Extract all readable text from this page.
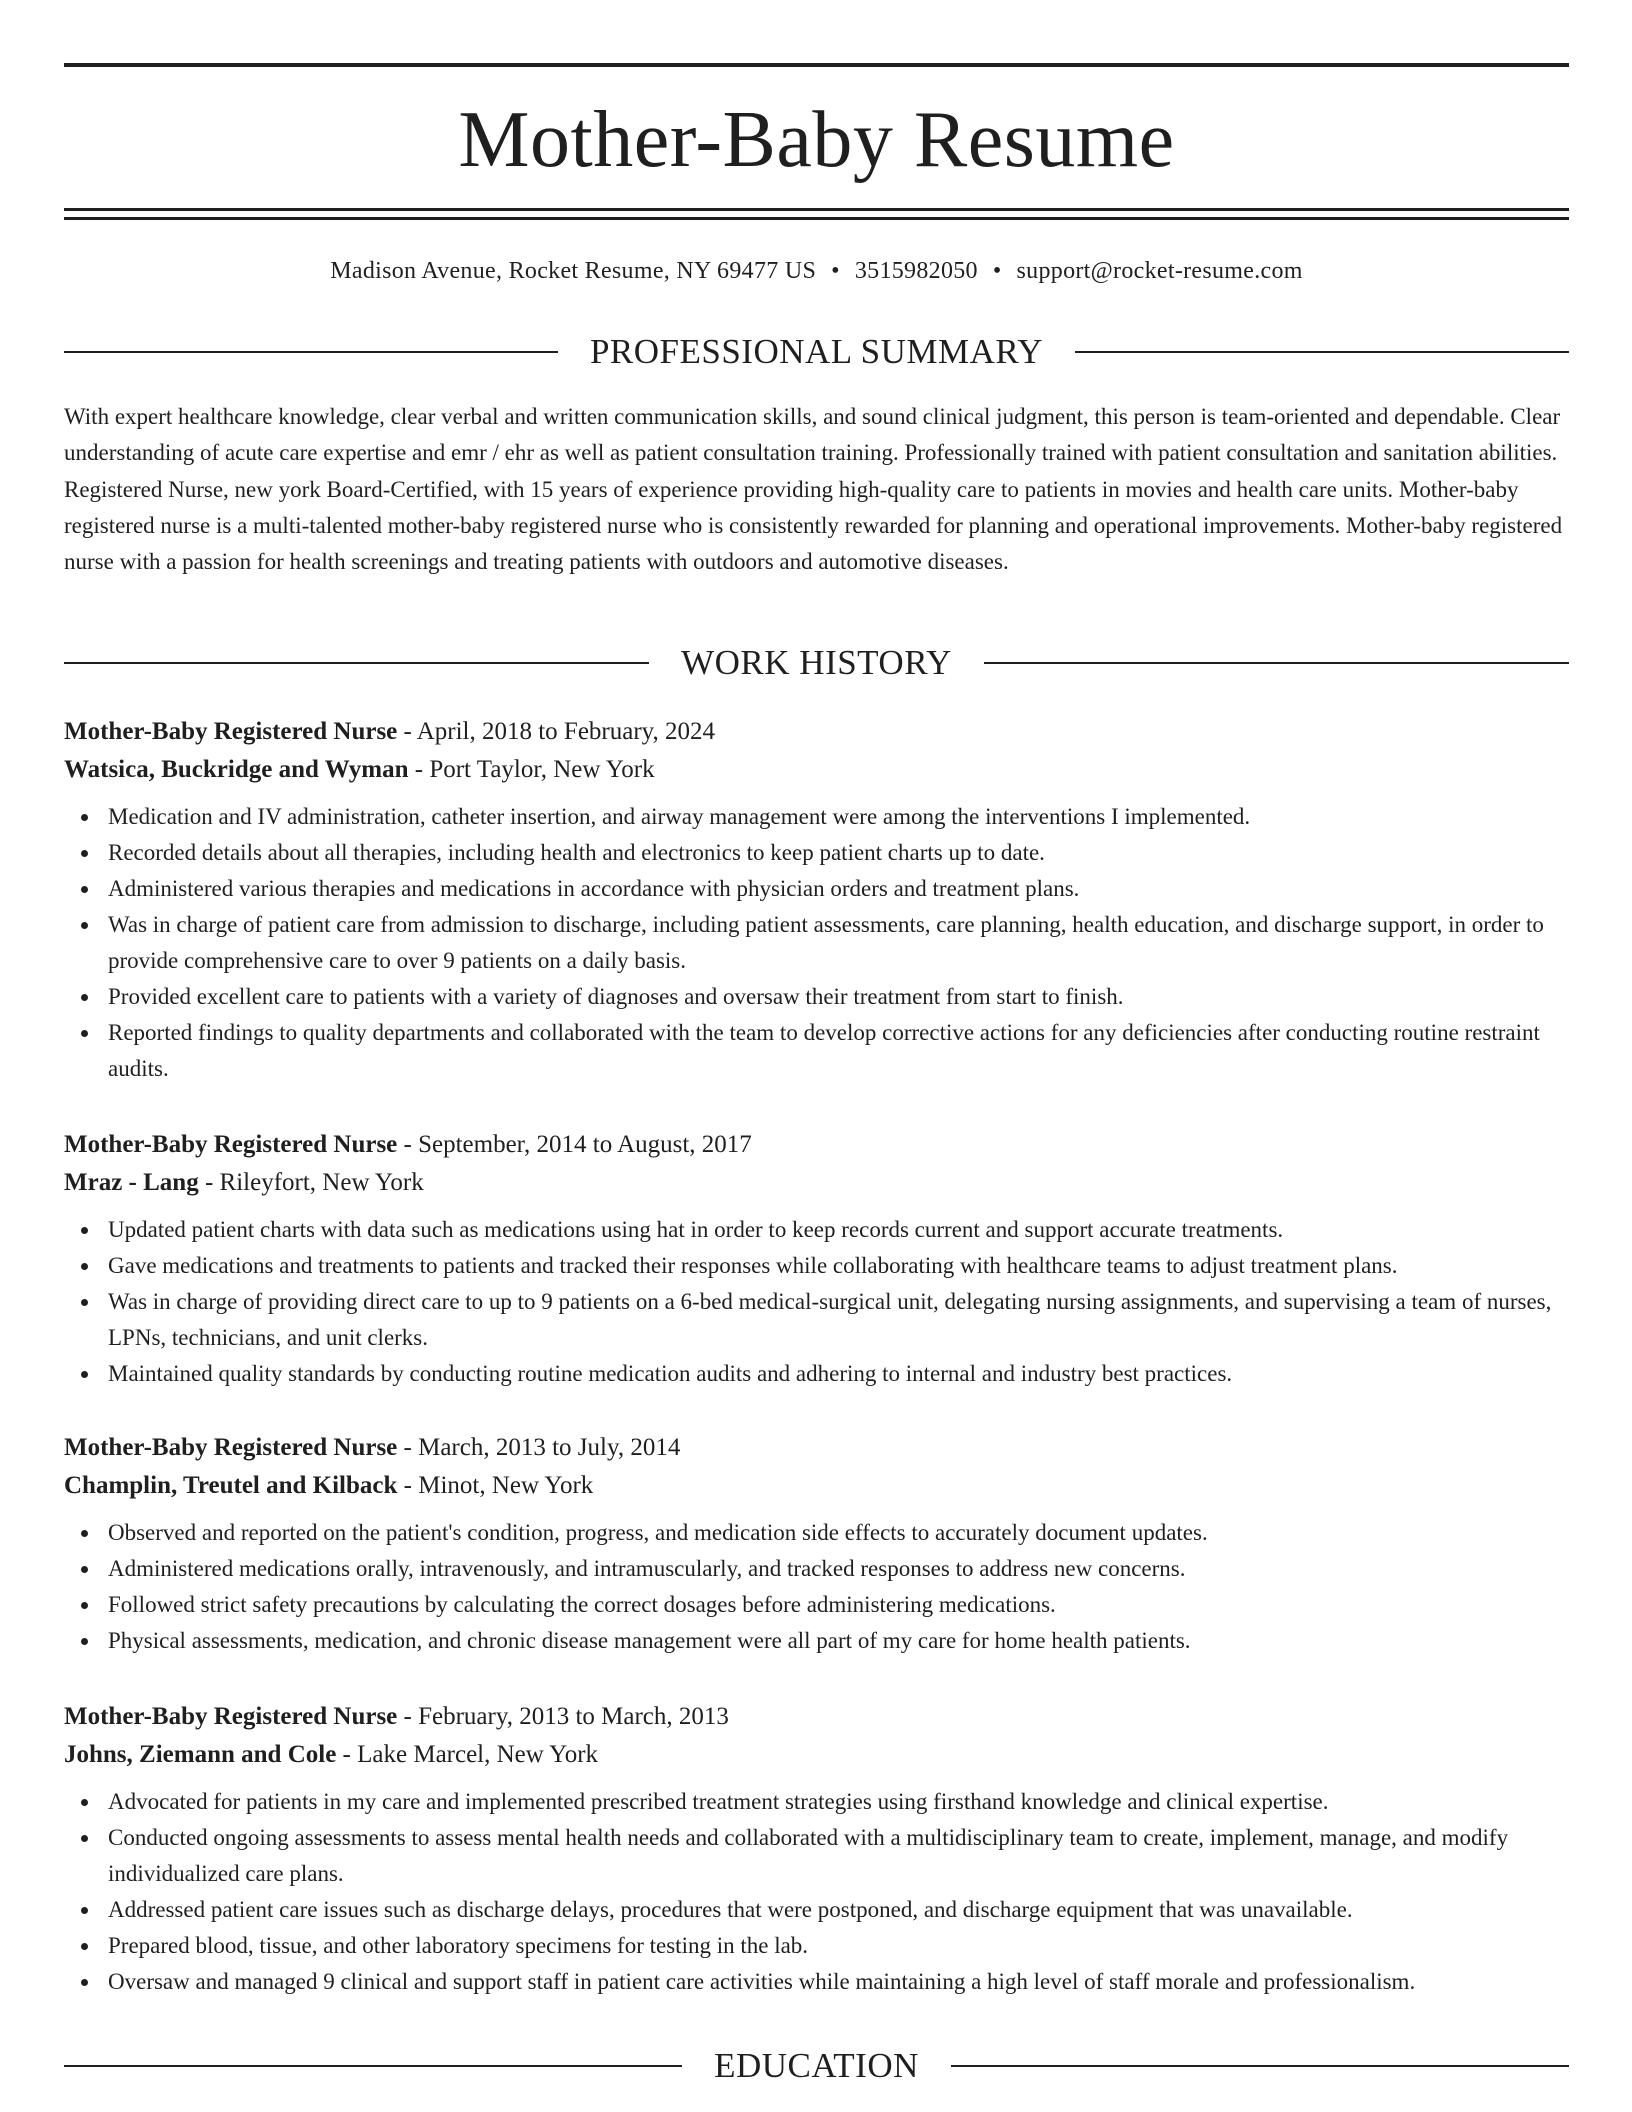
Mother-Baby Resume
Madison Avenue, Rocket Resume, NY 69477 US • 3515982050 • support@rocket-resume.com
PROFESSIONAL SUMMARY

With expert healthcare knowledge, clear verbal and written communication skills, and sound clinical judgment, this person is team-oriented and dependable. Clear understanding of acute care expertise and emr / ehr as well as patient consultation training. Professionally trained with patient consultation and sanitation abilities. Registered Nurse, new york Board-Certified, with 15 years of experience providing high-quality care to patients in movies and health care units. Mother-baby registered nurse is a multi-talented mother-baby registered nurse who is consistently rewarded for planning and operational improvements. Mother-baby registered nurse with a passion for health screenings and treating patients with outdoors and automotive diseases.

WORK HISTORY
Mother-Baby Registered Nurse - April, 2018 to February, 2024
Watsica, Buckridge and Wyman - Port Taylor, New York
Medication and IV administration, catheter insertion, and airway management were among the interventions I implemented.
Recorded details about all therapies, including health and electronics to keep patient charts up to date.
Administered various therapies and medications in accordance with physician orders and treatment plans.
Was in charge of patient care from admission to discharge, including patient assessments, care planning, health education, and discharge support, in order to provide comprehensive care to over 9 patients on a daily basis.
Provided excellent care to patients with a variety of diagnoses and oversaw their treatment from start to finish.
Reported findings to quality departments and collaborated with the team to develop corrective actions for any deficiencies after conducting routine restraint audits.
Mother-Baby Registered Nurse - September, 2014 to August, 2017
Mraz - Lang - Rileyfort, New York
Updated patient charts with data such as medications using hat in order to keep records current and support accurate treatments.
Gave medications and treatments to patients and tracked their responses while collaborating with healthcare teams to adjust treatment plans.
Was in charge of providing direct care to up to 9 patients on a 6-bed medical-surgical unit, delegating nursing assignments, and supervising a team of nurses, LPNs, technicians, and unit clerks.
Maintained quality standards by conducting routine medication audits and adhering to internal and industry best practices.
Mother-Baby Registered Nurse - March, 2013 to July, 2014
Champlin, Treutel and Kilback - Minot, New York
Observed and reported on the patient's condition, progress, and medication side effects to accurately document updates.
Administered medications orally, intravenously, and intramuscularly, and tracked responses to address new concerns.
Followed strict safety precautions by calculating the correct dosages before administering medications.
Physical assessments, medication, and chronic disease management were all part of my care for home health patients.
Mother-Baby Registered Nurse - February, 2013 to March, 2013
Johns, Ziemann and Cole - Lake Marcel, New York
Advocated for patients in my care and implemented prescribed treatment strategies using firsthand knowledge and clinical expertise.
Conducted ongoing assessments to assess mental health needs and collaborated with a multidisciplinary team to create, implement, manage, and modify individualized care plans.
Addressed patient care issues such as discharge delays, procedures that were postponed, and discharge equipment that was unavailable.
Prepared blood, tissue, and other laboratory specimens for testing in the lab.
Oversaw and managed 9 clinical and support staff in patient care activities while maintaining a high level of staff morale and professionalism.
EDUCATION
